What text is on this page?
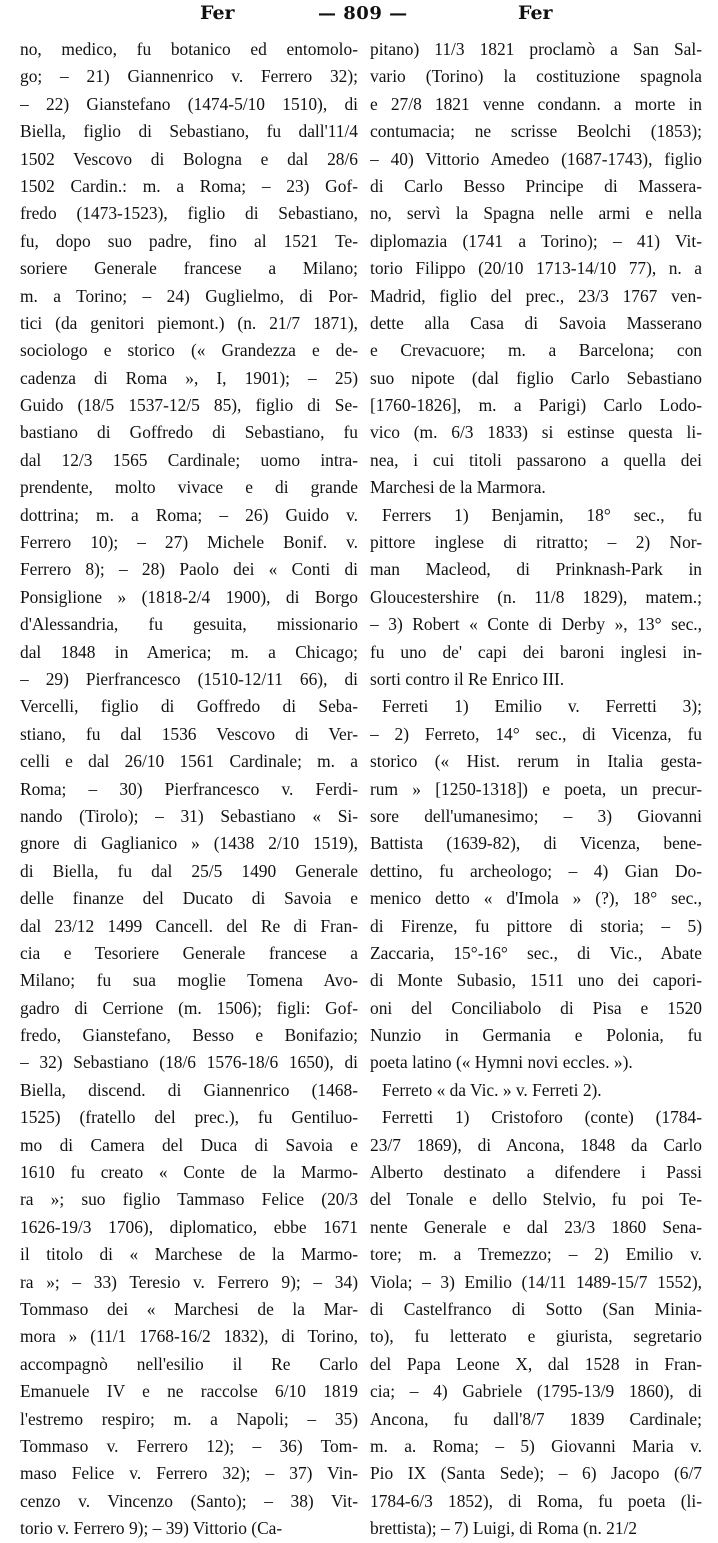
Fer	— 809 —	Fer
no, medico, fu botanico ed entomolo-
go; – 21) Giannenrico v. Ferrero 32);
– 22) Gianstefano (1474-5/10 1510), di
Biella, figlio di Sebastiano, fu dall'11/4
1502 Vescovo di Bologna e dal 28/6
1502 Cardin.: m. a Roma; – 23) Gof-
fredo (1473-1523), figlio di Sebastiano,
fu, dopo suo padre, fino al 1521 Te-
soriere Generale francese a Milano;
m. a Torino; – 24) Guglielmo, di Por-
tici (da genitori piemont.) (n. 21/7 1871),
sociologo e storico (« Grandezza e de-
cadenza di Roma », I, 1901); – 25)
Guido (18/5 1537-12/5 85), figlio di Se-
bastiano di Goffredo di Sebastiano, fu
dal 12/3 1565 Cardinale; uomo intra-
prendente, molto vivace e di grande
dottrina; m. a Roma; – 26) Guido v.
Ferrero 10); – 27) Michele Bonif. v.
Ferrero 8); – 28) Paolo dei « Conti di
Ponsiglione » (1818-2/4 1900), di Borgo
d'Alessandria, fu gesuita, missionario
dal 1848 in America; m. a Chicago;
– 29) Pierfrancesco (1510-12/11 66), di
Vercelli, figlio di Goffredo di Seba-
stiano, fu dal 1536 Vescovo di Ver-
celli e dal 26/10 1561 Cardinale; m. a
Roma; – 30) Pierfrancesco v. Ferdi-
nando (Tirolo); – 31) Sebastiano « Si-
gnore di Gaglianico » (1438 2/10 1519),
di Biella, fu dal 25/5 1490 Generale
delle finanze del Ducato di Savoia e
dal 23/12 1499 Cancell. del Re di Fran-
cia e Tesoriere Generale francese a
Milano; fu sua moglie Tomena Avo-
gadro di Cerrione (m. 1506); figli: Gof-
fredo, Gianstefano, Besso e Bonifazio;
– 32) Sebastiano (18/6 1576-18/6 1650), di
Biella, discend. di Giannenrico (1468-
1525) (fratello del prec.), fu Gentiluo-
mo di Camera del Duca di Savoia e
1610 fu creato « Conte de la Marmo-
ra »; suo figlio Tammaso Felice (20/3
1626-19/3 1706), diplomatico, ebbe 1671
il titolo di « Marchese de la Marmo-
ra »; – 33) Teresio v. Ferrero 9); – 34)
Tommaso dei « Marchesi de la Mar-
mora » (11/1 1768-16/2 1832), di Torino,
accompagnò nell'esilio il Re Carlo
Emanuele IV e ne raccolse 6/10 1819
l'estremo respiro; m. a Napoli; – 35)
Tommaso v. Ferrero 12); – 36) Tom-
maso Felice v. Ferrero 32); – 37) Vin-
cenzo v. Vincenzo (Santo); – 38) Vit-
torio v. Ferrero 9); – 39) Vittorio (Ca-
pitano) 11/3 1821 proclamò a San Sal-
vario (Torino) la costituzione spagnola
e 27/8 1821 venne condann. a morte in
contumacia; ne scrisse Beolchi (1853);
– 40) Vittorio Amedeo (1687-1743), figlio
di Carlo Besso Principe di Massera-
no, servì la Spagna nelle armi e nella
diplomazia (1741 a Torino); – 41) Vit-
torio Filippo (20/10 1713-14/10 77), n. a
Madrid, figlio del prec., 23/3 1767 ven-
dette alla Casa di Savoia Masserano
e Crevacuore; m. a Barcelona; con
suo nipote (dal figlio Carlo Sebastiano
[1760-1826], m. a Parigi) Carlo Lodo-
vico (m. 6/3 1833) si estinse questa li-
nea, i cui titoli passarono a quella dei
Marchesi de la Marmora.
Ferrers 1) Benjamin, 18° sec., fu
pittore inglese di ritratto; – 2) Nor-
man Macleod, di Prinknash-Park in
Gloucestershire (n. 11/8 1829), matem.;
– 3) Robert « Conte di Derby », 13° sec.,
fu uno de' capi dei baroni inglesi in-
sorti contro il Re Enrico III.
Ferreti 1) Emilio v. Ferretti 3);
– 2) Ferreto, 14° sec., di Vicenza, fu
storico (« Hist. rerum in Italia gesta-
rum » [1250-1318]) e poeta, un precur-
sore dell'umanesimo; – 3) Giovanni
Battista (1639-82), di Vicenza, bene-
dettino, fu archeologo; – 4) Gian Do-
menico detto « d'Imola » (?), 18° sec.,
di Firenze, fu pittore di storia; – 5)
Zaccaria, 15°-16° sec., di Vic., Abate
di Monte Subasio, 1511 uno dei capori-
oni del Conciliabolo di Pisa e 1520
Nunzio in Germania e Polonia, fu
poeta latino (« Hymni novi eccles. »).
Ferreto « da Vic. » v. Ferreti 2).
Ferretti 1) Cristoforo (conte) (1784-
23/7 1869), di Ancona, 1848 da Carlo
Alberto destinato a difendere i Passi
del Tonale e dello Stelvio, fu poi Te-
nente Generale e dal 23/3 1860 Sena-
tore; m. a Tremezzo; – 2) Emilio v.
Viola; – 3) Emilio (14/11 1489-15/7 1552),
di Castelfranco di Sotto (San Minia-
to), fu letterato e giurista, segretario
del Papa Leone X, dal 1528 in Fran-
cia; – 4) Gabriele (1795-13/9 1860), di
Ancona, fu dall'8/7 1839 Cardinale;
m. a. Roma; – 5) Giovanni Maria v.
Pio IX (Santa Sede); – 6) Jacopo (6/7
1784-6/3 1852), di Roma, fu poeta (li-
brettista); – 7) Luigi, di Roma (n. 21/2
